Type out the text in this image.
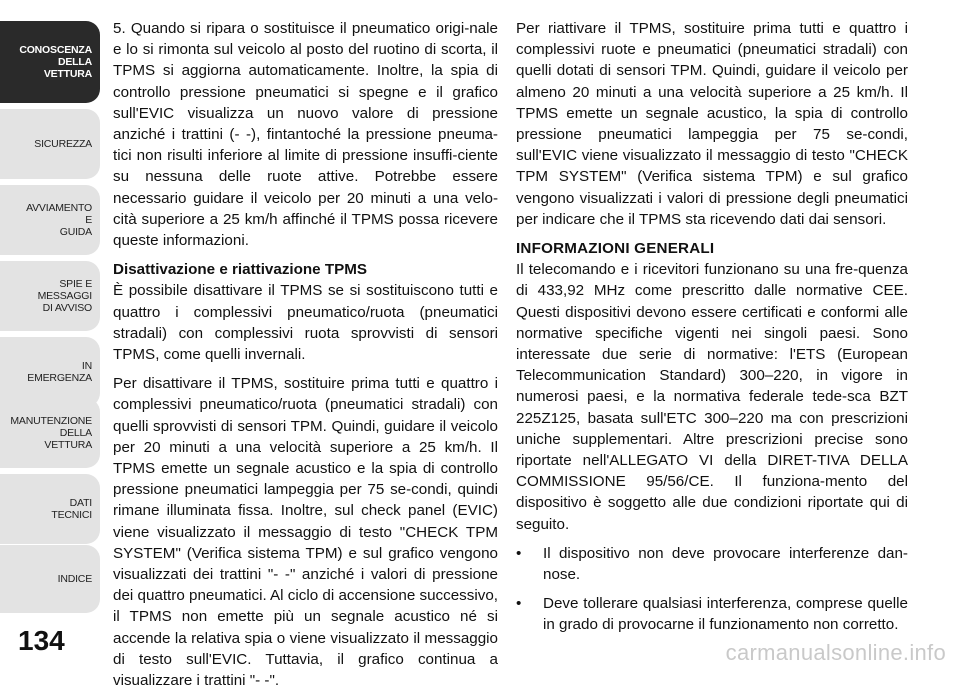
CONOSCENZA
DELLA
VETTURA
SICUREZZA
AVVIAMENTO
E
GUIDA
SPIE E
MESSAGGI
DI AVVISO
IN
EMERGENZA
MANUTENZIONE
DELLA
VETTURA
DATI
TECNICI
INDICE
134

5. Quando si ripara o sostituisce il pneumatico origi-nale e lo si rimonta sul veicolo al posto del ruotino di scorta, il TPMS si aggiorna automaticamente. Inoltre, la spia di controllo pressione pneumatici si spegne e il grafico sull'EVIC visualizza un nuovo valore di pressione anziché i trattini (- -), fintantoché la pressione pneuma-tici non risulti inferiore al limite di pressione insuffi-ciente su nessuna delle ruote attive. Potrebbe essere necessario guidare il veicolo per 20 minuti a una velo-cità superiore a 25 km/h affinché il TPMS possa ricevere queste informazioni.

Disattivazione e riattivazione TPMS

È possibile disattivare il TPMS se si sostituiscono tutti e quattro i complessivi pneumatico/ruota (pneumatici stradali) con complessivi ruota sprovvisti di sensori TPMS, come quelli invernali.

Per disattivare il TPMS, sostituire prima tutti e quattro i complessivi pneumatico/ruota (pneumatici stradali) con quelli sprovvisti di sensori TPM. Quindi, guidare il veicolo per 20 minuti a una velocità superiore a 25 km/h. Il TPMS emette un segnale acustico e la spia di controllo pressione pneumatici lampeggia per 75 se-condi, quindi rimane illuminata fissa. Inoltre, sul check panel (EVIC) viene visualizzato il messaggio di testo "CHECK TPM SYSTEM" (Verifica sistema TPM) e sul grafico vengono visualizzati dei trattini "- -" anziché i valori di pressione dei quattro pneumatici. Al ciclo di accensione successivo, il TPMS non emette più un segnale acustico né si accende la relativa spia o viene visualizzato il messaggio di testo sull'EVIC. Tuttavia, il grafico continua a visualizzare i trattini "- -".

Per riattivare il TPMS, sostituire prima tutti e quattro i complessivi ruote e pneumatici (pneumatici stradali) con quelli dotati di sensori TPM. Quindi, guidare il veicolo per almeno 20 minuti a una velocità superiore a 25 km/h. Il TPMS emette un segnale acustico, la spia di controllo pressione pneumatici lampeggia per 75 se-condi, sull'EVIC viene visualizzato il messaggio di testo "CHECK TPM SYSTEM" (Verifica sistema TPM) e sul grafico vengono visualizzati i valori di pressione degli pneumatici per indicare che il TPMS sta ricevendo dati dai sensori.

INFORMAZIONI GENERALI

Il telecomando e i ricevitori funzionano su una fre-quenza di 433,92 MHz come prescritto dalle normative CEE. Questi dispositivi devono essere certificati e conformi alle normative specifiche vigenti nei singoli paesi. Sono interessate due serie di normative: l'ETS (European Telecommunication Standard) 300–220, in vigore in numerosi paesi, e la normativa federale tede-sca BZT 225Z125, basata sull'ETC 300–220 ma con prescrizioni uniche supplementari. Altre prescrizioni precise sono riportate nell'ALLEGATO VI della DIRET-TIVA DELLA COMMISSIONE 95/56/CE. Il funziona-mento del dispositivo è soggetto alle due condizioni riportate qui di seguito.

• Il dispositivo non deve provocare interferenze dan-nose.
• Deve tollerare qualsiasi interferenza, comprese quelle in grado di provocarne il funzionamento non corretto.
carmanualsonline.info
